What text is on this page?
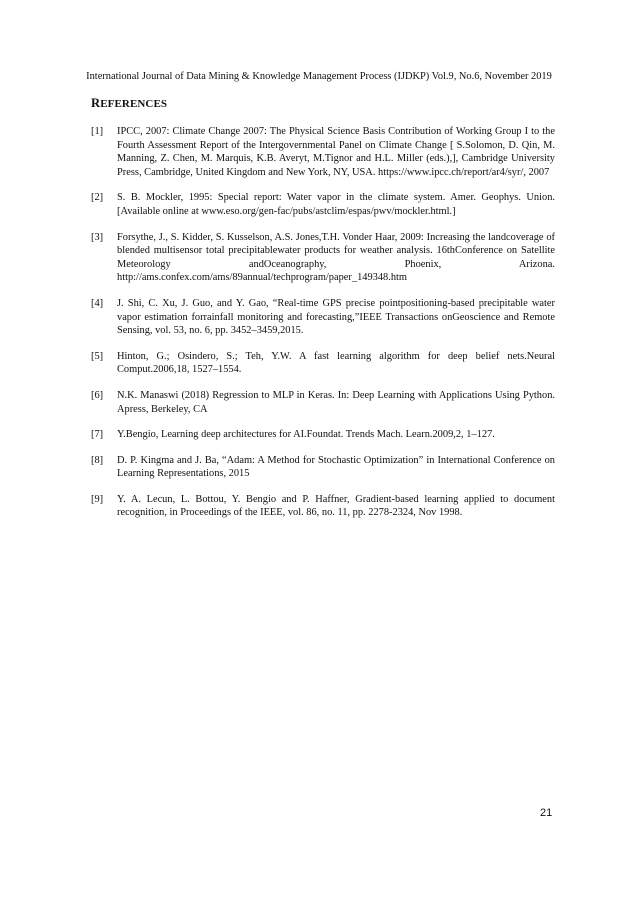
International Journal of Data Mining & Knowledge Management Process (IJDKP) Vol.9, No.6, November 2019
REFERENCES
[1]	IPCC, 2007: Climate Change 2007: The Physical Science Basis Contribution of Working Group I to the Fourth Assessment Report of the Intergovernmental Panel on Climate Change [ S.Solomon, D. Qin, M. Manning, Z. Chen, M. Marquis, K.B. Averyt, M.Tignor and H.L. Miller (eds.),], Cambridge University Press, Cambridge, United Kingdom and New York, NY, USA. https://www.ipcc.ch/report/ar4/syr/, 2007
[2]	S. B. Mockler, 1995: Special report: Water vapor in the climate system. Amer. Geophys. Union. [Available online at www.eso.org/gen-fac/pubs/astclim/espas/pwv/mockler.html.]
[3]	Forsythe, J., S. Kidder, S. Kusselson, A.S. Jones,T.H. Vonder Haar, 2009: Increasing the landcoverage of blended multisensor total precipitablewater products for weather analysis. 16thConference on Satellite Meteorology andOceanography, Phoenix, Arizona. http://ams.confex.com/ams/89annual/techprogram/paper_149348.htm
[4]	J. Shi, C. Xu, J. Guo, and Y. Gao, “Real-time GPS precise pointpositioning-based precipitable water vapor estimation forrainfall monitoring and forecasting,”IEEE Transactions onGeoscience and Remote Sensing, vol. 53, no. 6, pp. 3452–3459,2015.
[5]	Hinton, G.; Osindero, S.; Teh, Y.W. A fast learning algorithm for deep belief nets.Neural Comput.2006,18, 1527–1554.
[6]	N.K. Manaswi (2018) Regression to MLP in Keras. In: Deep Learning with Applications Using Python. Apress, Berkeley, CA
[7]	Y.Bengio, Learning deep architectures for AI.Foundat. Trends Mach. Learn.2009,2, 1–127.
[8]	D. P. Kingma and J. Ba, “Adam: A Method for Stochastic Optimization” in International Conference on Learning Representations, 2015
[9]	Y. A. Lecun, L. Bottou, Y. Bengio and P. Haffner, Gradient-based learning applied to document recognition, in Proceedings of the IEEE, vol. 86, no. 11, pp. 2278-2324, Nov 1998.
21
